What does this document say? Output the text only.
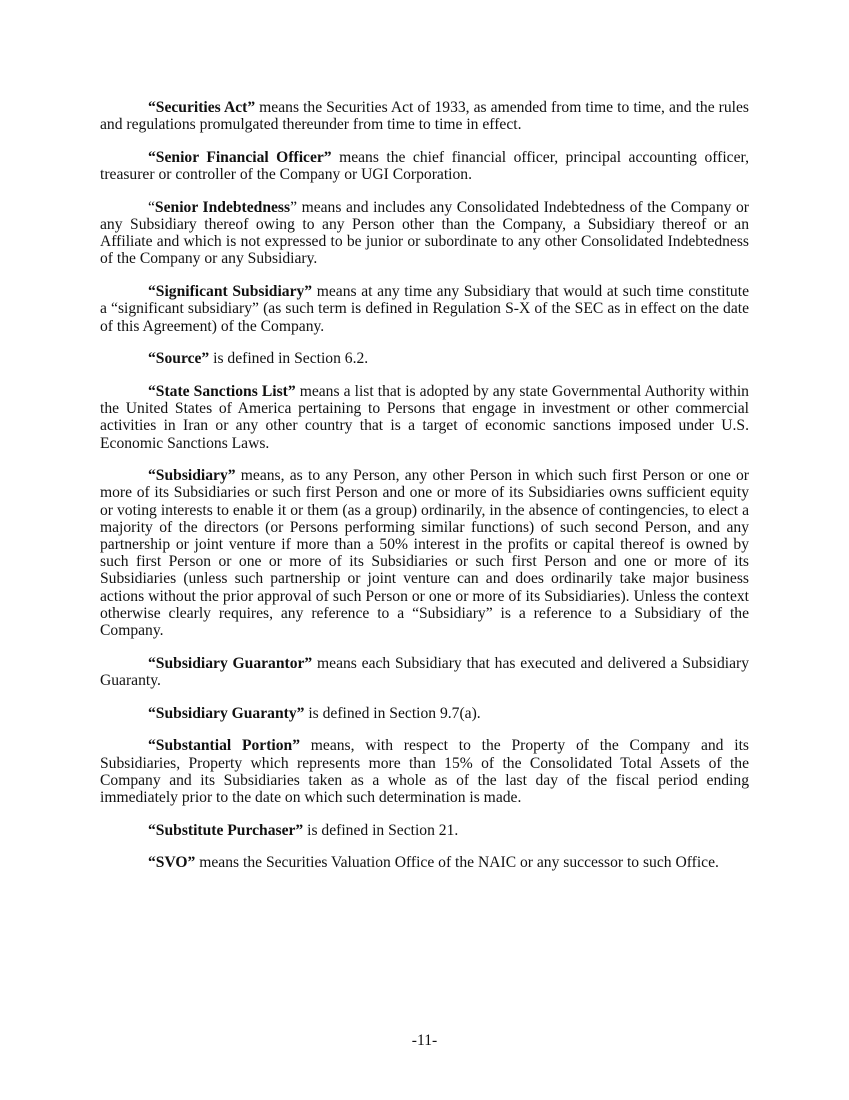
“Securities Act” means the Securities Act of 1933, as amended from time to time, and the rules and regulations promulgated thereunder from time to time in effect.

“Senior Financial Officer” means the chief financial officer, principal accounting officer, treasurer or controller of the Company or UGI Corporation.

“Senior Indebtedness” means and includes any Consolidated Indebtedness of the Company or any Subsidiary thereof owing to any Person other than the Company, a Subsidiary thereof or an Affiliate and which is not expressed to be junior or subordinate to any other Consolidated Indebtedness of the Company or any Subsidiary.

“Significant Subsidiary” means at any time any Subsidiary that would at such time constitute a “significant subsidiary” (as such term is defined in Regulation S-X of the SEC as in effect on the date of this Agreement) of the Company.

“Source” is defined in Section 6.2.

“State Sanctions List” means a list that is adopted by any state Governmental Authority within the United States of America pertaining to Persons that engage in investment or other commercial activities in Iran or any other country that is a target of economic sanctions imposed under U.S. Economic Sanctions Laws.

“Subsidiary” means, as to any Person, any other Person in which such first Person or one or more of its Subsidiaries or such first Person and one or more of its Subsidiaries owns sufficient equity or voting interests to enable it or them (as a group) ordinarily, in the absence of contingencies, to elect a majority of the directors (or Persons performing similar functions) of such second Person, and any partnership or joint venture if more than a 50% interest in the profits or capital thereof is owned by such first Person or one or more of its Subsidiaries or such first Person and one or more of its Subsidiaries (unless such partnership or joint venture can and does ordinarily take major business actions without the prior approval of such Person or one or more of its Subsidiaries). Unless the context otherwise clearly requires, any reference to a “Subsidiary” is a reference to a Subsidiary of the Company.

“Subsidiary Guarantor” means each Subsidiary that has executed and delivered a Subsidiary Guaranty.

“Subsidiary Guaranty” is defined in Section 9.7(a).

“Substantial Portion” means, with respect to the Property of the Company and its Subsidiaries, Property which represents more than 15% of the Consolidated Total Assets of the Company and its Subsidiaries taken as a whole as of the last day of the fiscal period ending immediately prior to the date on which such determination is made.

“Substitute Purchaser” is defined in Section 21.

“SVO” means the Securities Valuation Office of the NAIC or any successor to such Office.

-11-
